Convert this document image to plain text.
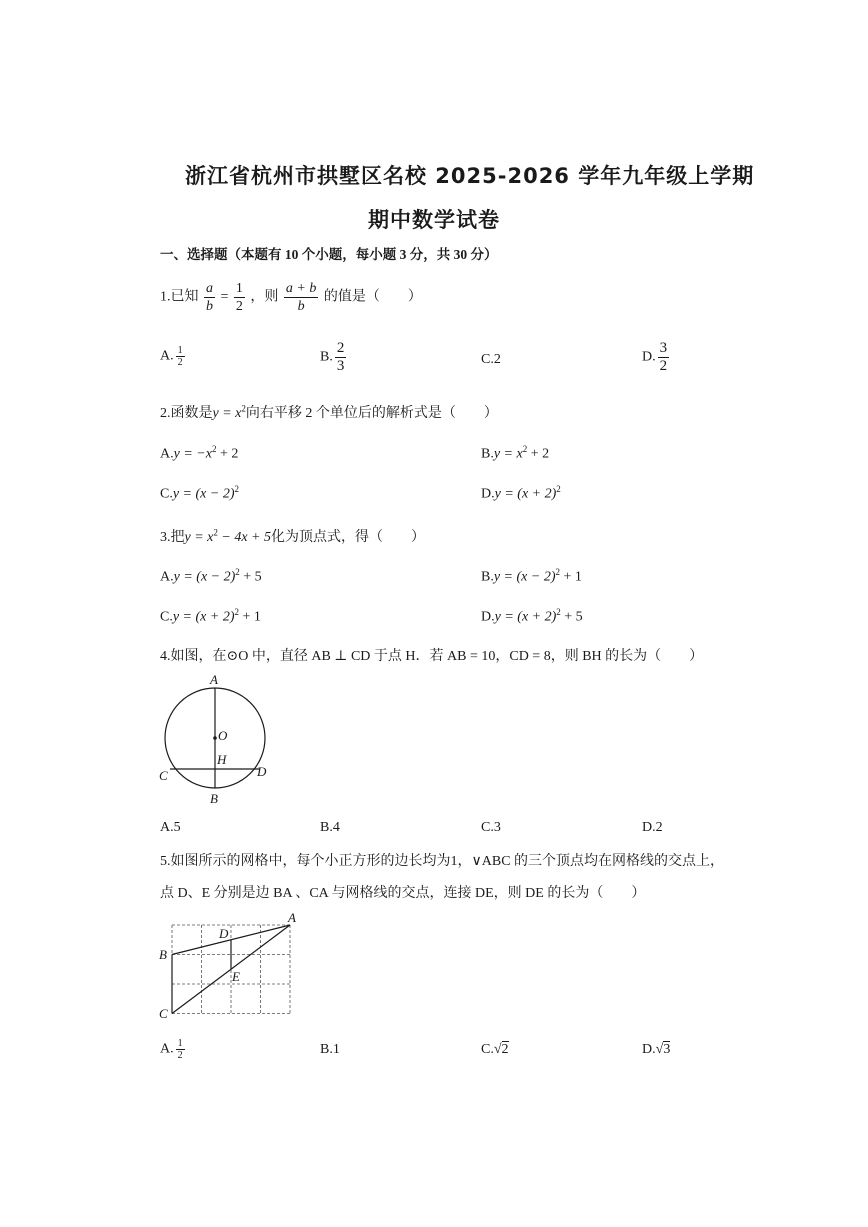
浙江省杭州市拱墅区名校 2025-2026 学年九年级上学期
期中数学试卷
一、选择题（本题有 10 个小题，每小题 3 分，共 30 分）
1.已知 $\frac{a}{b} = \frac{1}{2}$ ，则 $\frac{a + b}{b}$ 的值是（　　）
A. $\frac{1}{2}$	B. $\frac{2}{3}$	C.2	D. $\frac{3}{2}$
2.函数是$y = x^2$向右平移 2 个单位后的解析式是（　　）
$A.y = -x^2 + 2$	$B.y = x^2 + 2$
$C.y = (x - 2)^2$	$D.y = (x + 2)^2$
3.把$y = x^2 - 4x + 5$化为顶点式，得（　　）
$A.y = (x - 2)^2 + 5$	$B.y = (x - 2)^2 + 1$
$C.y = (x + 2)^2 + 1$	$D.y = (x + 2)^2 + 5$
4.如图，在⊙O 中，直径 AB ⊥ CD 于点 H．若 AB = 10，CD = 8，则 BH 的长为（　　）
A
B
C	D
O
H
A.5	B.4	C.3	D.2
5.如图所示的网格中，每个小正方形的边长均为1，∨ABC 的三个顶点均在网格线的交点上，
点 D、E 分别是边 BA 、CA 与网格线的交点，连接 DE，则 DE 的长为（　　）
A
B
C
D
E
A. $\frac{1}{2}$	B.1	C.√2	D.√3
